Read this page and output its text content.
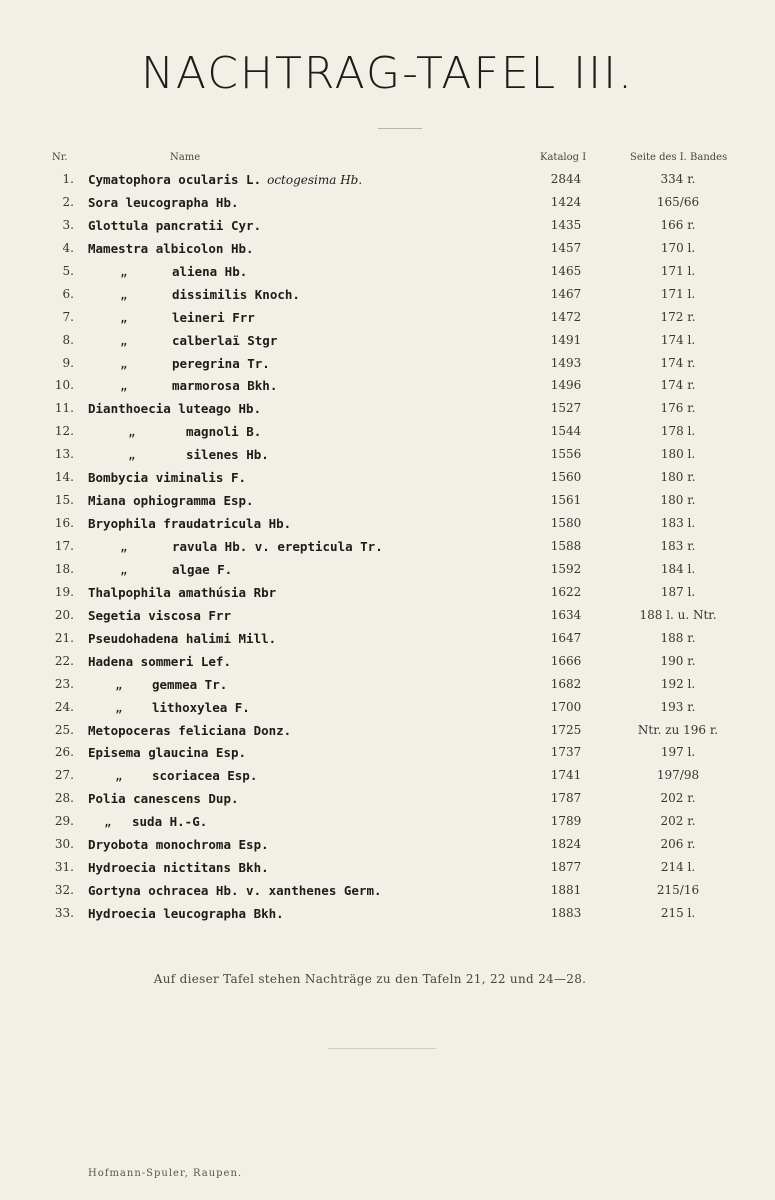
NACHTRAG-TAFEL III.
Nr.	Name	Katalog I	Seite des I. Bandes
1. Cymatophora ocularis L. octogesima Hb.	2844	334 r.
2. Sora leucographa Hb.	1424	165/66
3. Glottula pancratii Cyr.	1435	166 r.
4. Mamestra albicolon Hb.	1457	170 l.
5.	„	aliena Hb.	1465	171 l.
6.	„	dissimilis Knoch.	1467	171 l.
7.	„	leineri Frr	1472	172 r.
8.	„	calberlaï Stgr	1491	174 l.
9.	„	peregrina Tr.	1493	174 r.
10.	„	marmorosa Bkh.	1496	174 r.
11. Dianthoecia luteago Hb.	1527	176 r.
12.	„	magnoli B.	1544	178 l.
13.	„	silenes Hb.	1556	180 l.
14. Bombycia viminalis F.	1560	180 r.
15. Miana ophiogramma Esp.	1561	180 r.
16. Bryophila fraudatricula Hb.	1580	183 l.
17.	„	ravula Hb. v. erepticula Tr.	1588	183 r.
18.	„	algae F.	1592	184 l.
19. Thalpophila amathúsia Rbr	1622	187 l.
20. Segetia viscosa Frr	1634	188 l. u. Ntr.
21. Pseudohadena halimi Mill.	1647	188 r.
22. Hadena sommeri Lef.	1666	190 r.
23.	„ gemmea Tr.	1682	192 l.
24.	„ lithoxylea F.	1700	193 r.
25. Metopoceras feliciana Donz.	1725	Ntr. zu 196 r.
26. Episema glaucina Esp.	1737	197 l.
27.	„ scoriacea Esp.	1741	197/98
28. Polia canescens Dup.	1787	202 r.
29. „ suda H.-G.	1789	202 r.
30. Dryobota monochroma Esp.	1824	206 r.
31. Hydroecia nictitans Bkh.	1877	214 l.
32. Gortyna ochracea Hb. v. xanthenes Germ.	1881	215/16
33. Hydroecia leucographa Bkh.	1883	215 l.
Auf dieser Tafel stehen Nachträge zu den Tafeln 21, 22 und 24—28.
Hofmann-Spuler, Raupen.
